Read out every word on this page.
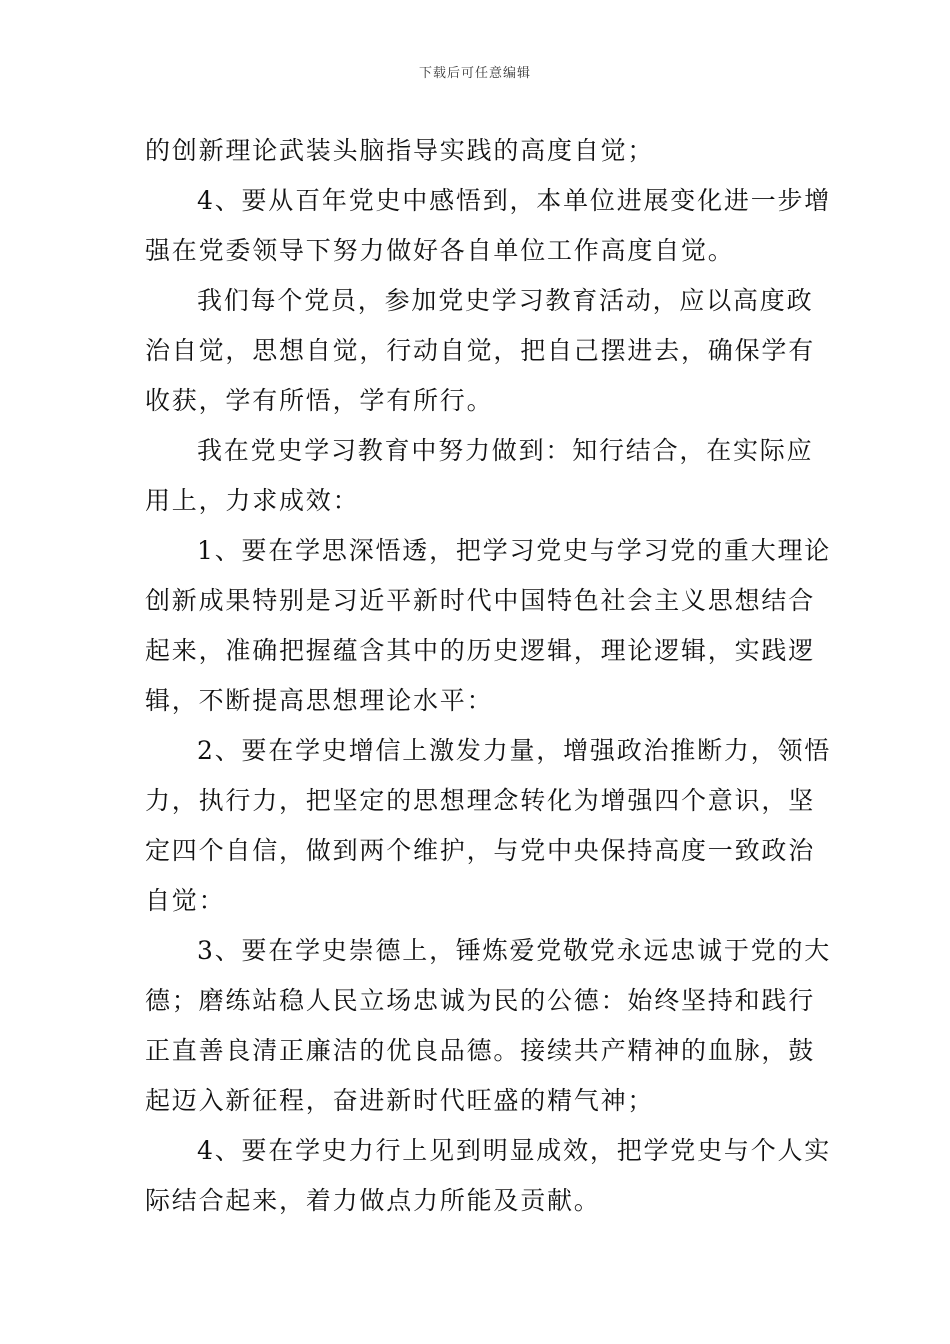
下载后可任意编辑
的创新理论武装头脑指导实践的高度自觉；
4、要从百年党史中感悟到，本单位进展变化进一步增
强在党委领导下努力做好各自单位工作高度自觉。
我们每个党员，参加党史学习教育活动，应以高度政
治自觉，思想自觉，行动自觉，把自己摆进去，确保学有
收获，学有所悟，学有所行。
我在党史学习教育中努力做到：知行结合，在实际应
用上，力求成效：
1、要在学思深悟透，把学习党史与学习党的重大理论
创新成果特别是习近平新时代中国特色社会主义思想结合
起来，准确把握蕴含其中的历史逻辑，理论逻辑，实践逻
辑，不断提高思想理论水平：
2、要在学史增信上激发力量，增强政治推断力，领悟
力，执行力，把坚定的思想理念转化为增强四个意识，坚
定四个自信，做到两个维护，与党中央保持高度一致政治
自觉：
3、要在学史崇德上，锤炼爱党敬党永远忠诚于党的大
德；磨练站稳人民立场忠诚为民的公德：始终坚持和践行
正直善良清正廉洁的优良品德。接续共产精神的血脉，鼓
起迈入新征程，奋进新时代旺盛的精气神；
4、要在学史力行上见到明显成效，把学党史与个人实
际结合起来，着力做点力所能及贡献。
